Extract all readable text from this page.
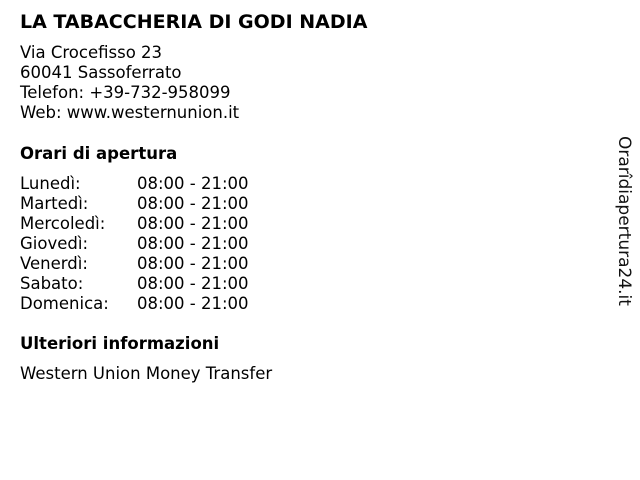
LA TABACCHERIA DI GODI NADIA
Via Crocefisso 23
60041 Sassoferrato
Telefon: +39-732-958099
Web: www.westernunion.it
Orari di apertura
Lunedì:	08:00 - 21:00
Martedì:	08:00 - 21:00
Mercoledì: 08:00 - 21:00
Giovedì:	08:00 - 21:00
Venerdì:	08:00 - 21:00
Sabato:	08:00 - 21:00
Domenica: 08:00 - 21:00
Ulteriori informazioni
Western Union Money Transfer
Orarîdiapertura24.it
